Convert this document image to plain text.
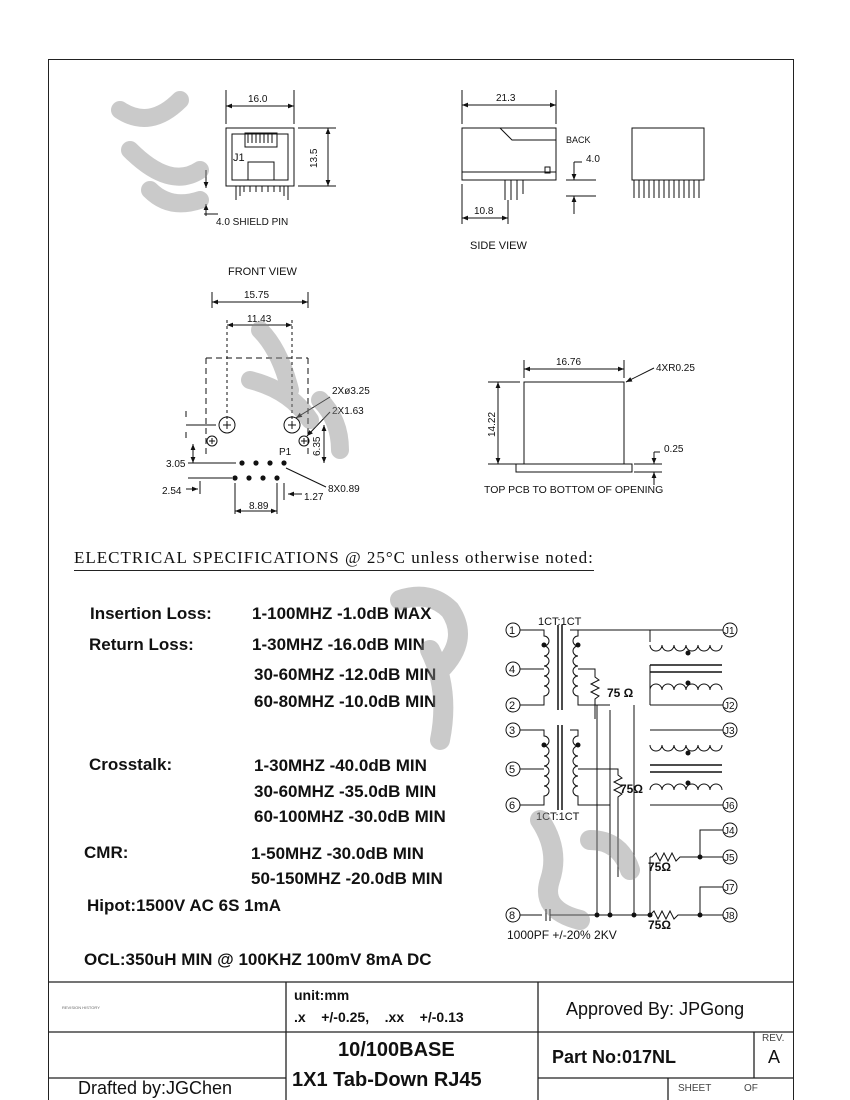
16.0
13.5
J1
4.0 SHIELD PIN
FRONT VIEW
21.3
BACK
4.0
10.8
SIDE VIEW
15.75
11.43
P1
2Xø3.25
2X1.63
6.35
3.05
2.54	8X0.89
8.89
1.27
16.76
4XR0.25
14.22
0.25
TOP PCB TO BOTTOM OF OPENING
ELECTRICAL SPECIFICATIONS @ 25°C unless otherwise noted:
Insertion Loss: 1-100MHZ -1.0dB MAX
Return Loss:	1-30MHZ -16.0dB MIN
30-60MHZ -12.0dB MIN
60-80MHZ -10.0dB MIN
Crosstalk:	1-30MHZ -40.0dB MIN
30-60MHZ -35.0dB MIN
60-100MHZ -30.0dB MIN
CMR:	1-50MHZ -30.0dB MIN
50-150MHZ -20.0dB MIN
Hipot:1500V AC 6S 1mA
OCL:350uH MIN @ 100KHZ 100mV 8mA DC
1CT:1CT
1CT:1CT
1
4
2
3
5
6
8
J1
J2
J3
J6
J4
J5
J7
J8
75 Ω
75Ω
75Ω
75Ω
1000PF +/-20% 2KV
REVISION HISTORY
unit:mm
.x    +/-0.25,    .xx    +/-0.13	Approved By: JPGong
REV.
A
10/100BASE
1X1 Tab-Down RJ45
Part No:017NL
SHEET	OF
Drafted by:JGChen
